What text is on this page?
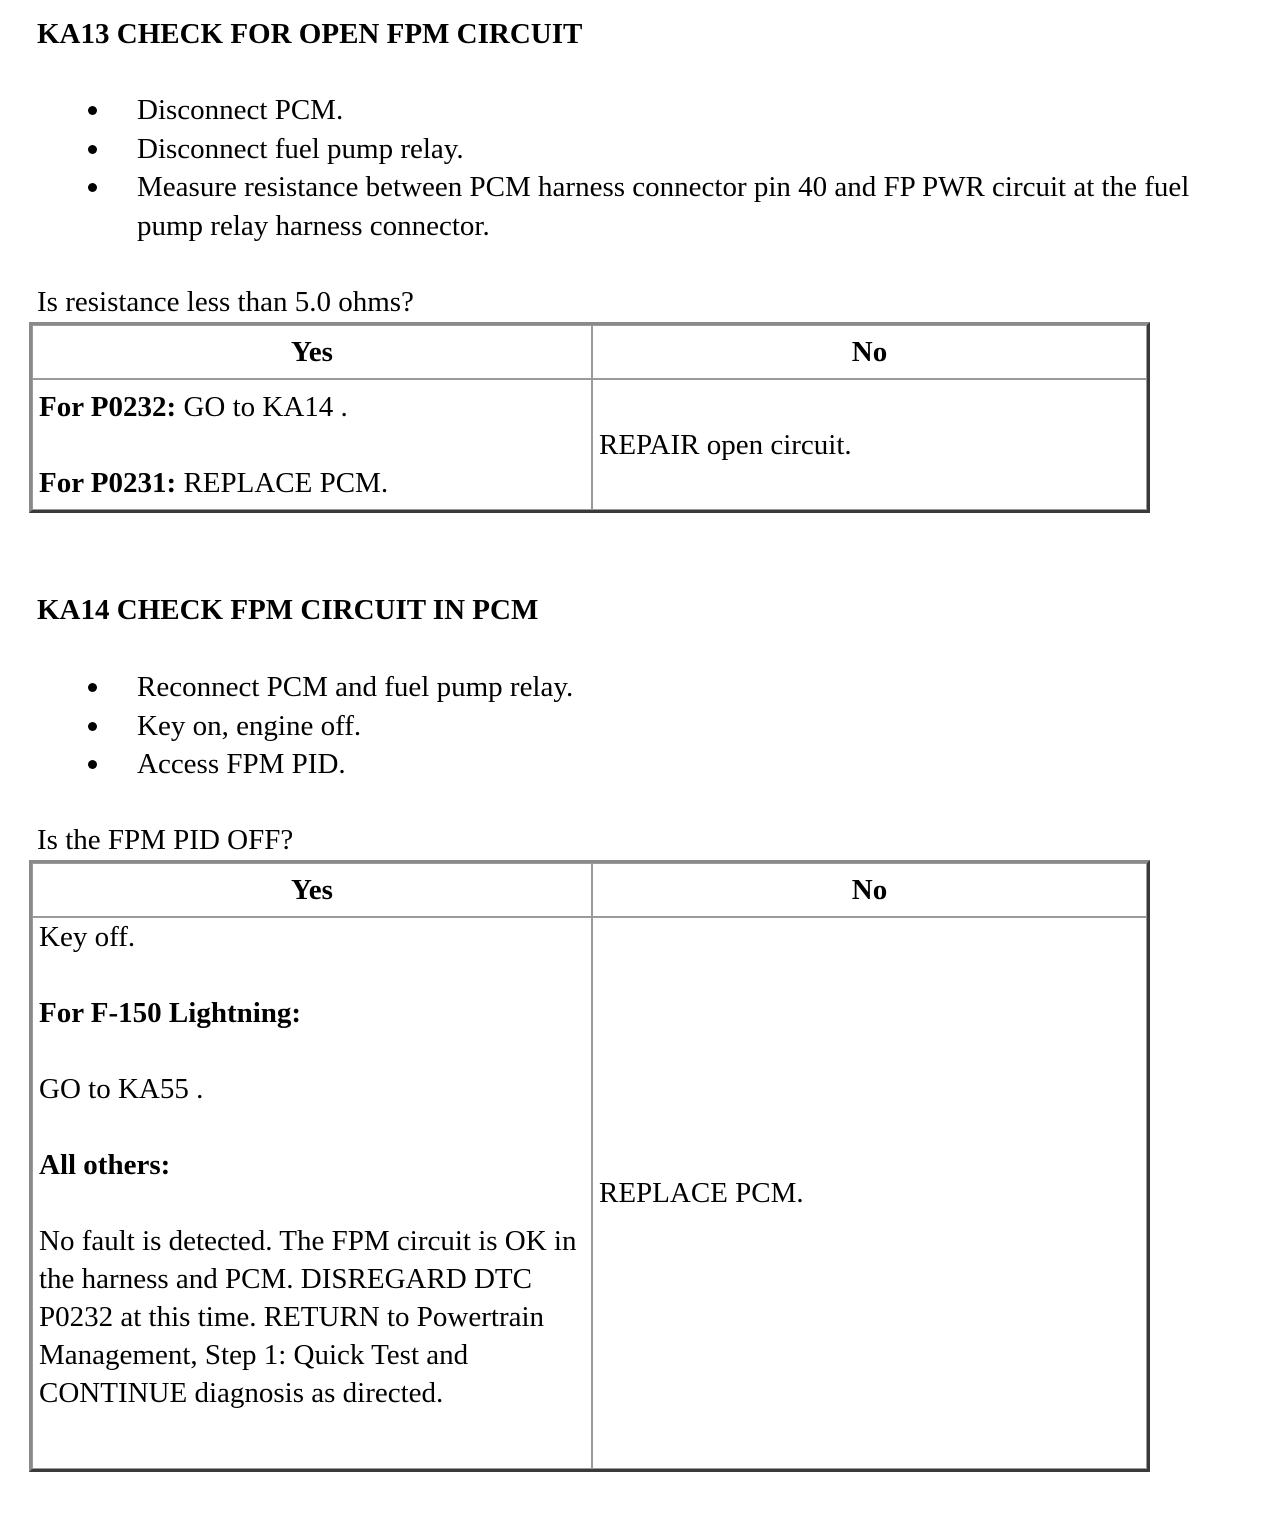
KA13 CHECK FOR OPEN FPM CIRCUIT
Disconnect PCM.
Disconnect fuel pump relay.
Measure resistance between PCM harness connector pin 40 and FP PWR circuit at the fuel pump relay harness connector.

Is resistance less than 5.0 ohms?

Yes	No

For P0232: GO to KA14 .

For P0231: REPLACE PCM.	REPAIR open circuit.
KA14 CHECK FPM CIRCUIT IN PCM
Reconnect PCM and fuel pump relay.
Key on, engine off.
Access FPM PID.

Is the FPM PID OFF?

Yes	No

Key off.

For F-150 Lightning:

GO to KA55 .

All others:

No fault is detected. The FPM circuit is OK in the harness and PCM. DISREGARD DTC P0232 at this time. RETURN to Powertrain Management, Step 1: Quick Test and CONTINUE diagnosis as directed.	REPLACE PCM.
